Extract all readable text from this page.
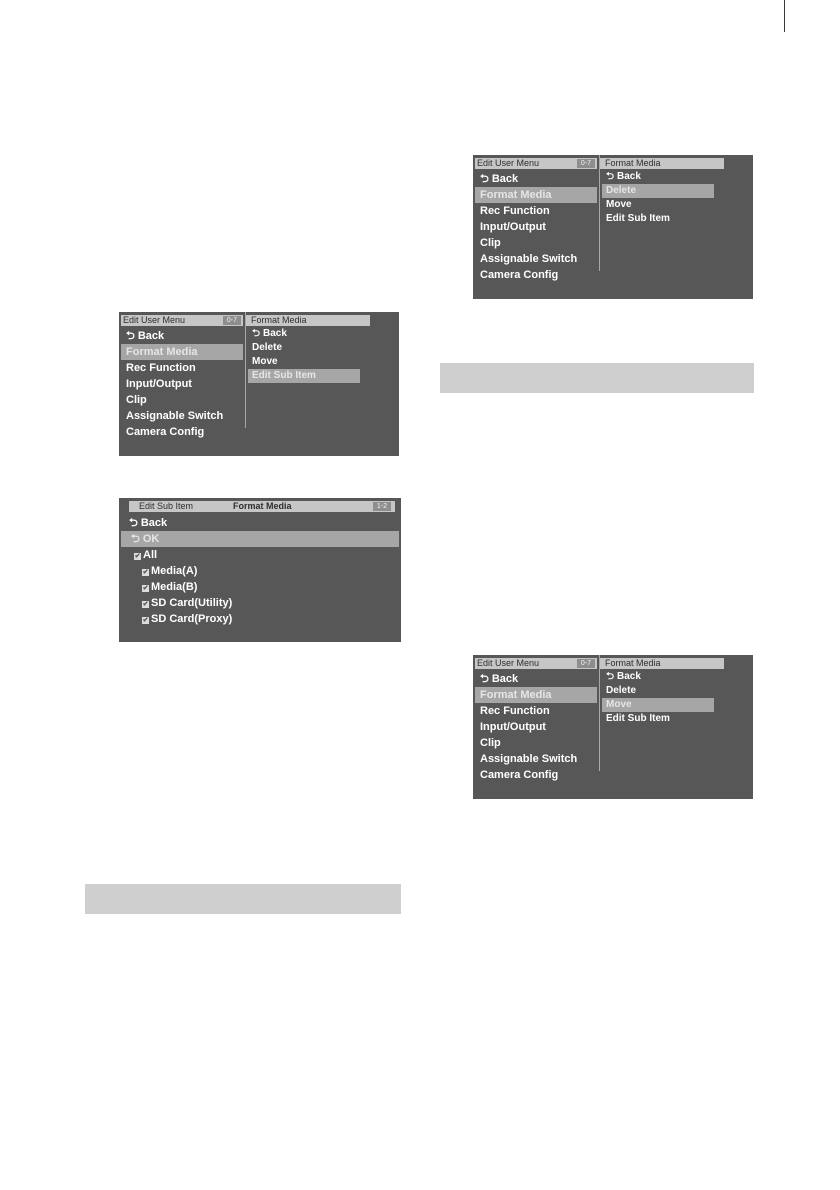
Edit User Menu	0-7
⮌ Back
Format Media
Rec Function
Input/Output
Clip
Assignable Switch
Camera Config
Format Media
⮌ Back
Delete
Move
Edit Sub Item
Edit Sub Item	Format Media	1-2
⮌ Back
⮌ OK
✔ All
✔ Media(A)
✔ Media(B)
✔ SD Card(Utility)
✔ SD Card(Proxy)
Edit User Menu	0-7
⮌ Back
Format Media
Rec Function
Input/Output
Clip
Assignable Switch
Camera Config
Format Media
⮌ Back
Delete
Move
Edit Sub Item
Edit User Menu	0-7
⮌ Back
Format Media
Rec Function
Input/Output
Clip
Assignable Switch
Camera Config
Format Media
⮌ Back
Delete
Move
Edit Sub Item
